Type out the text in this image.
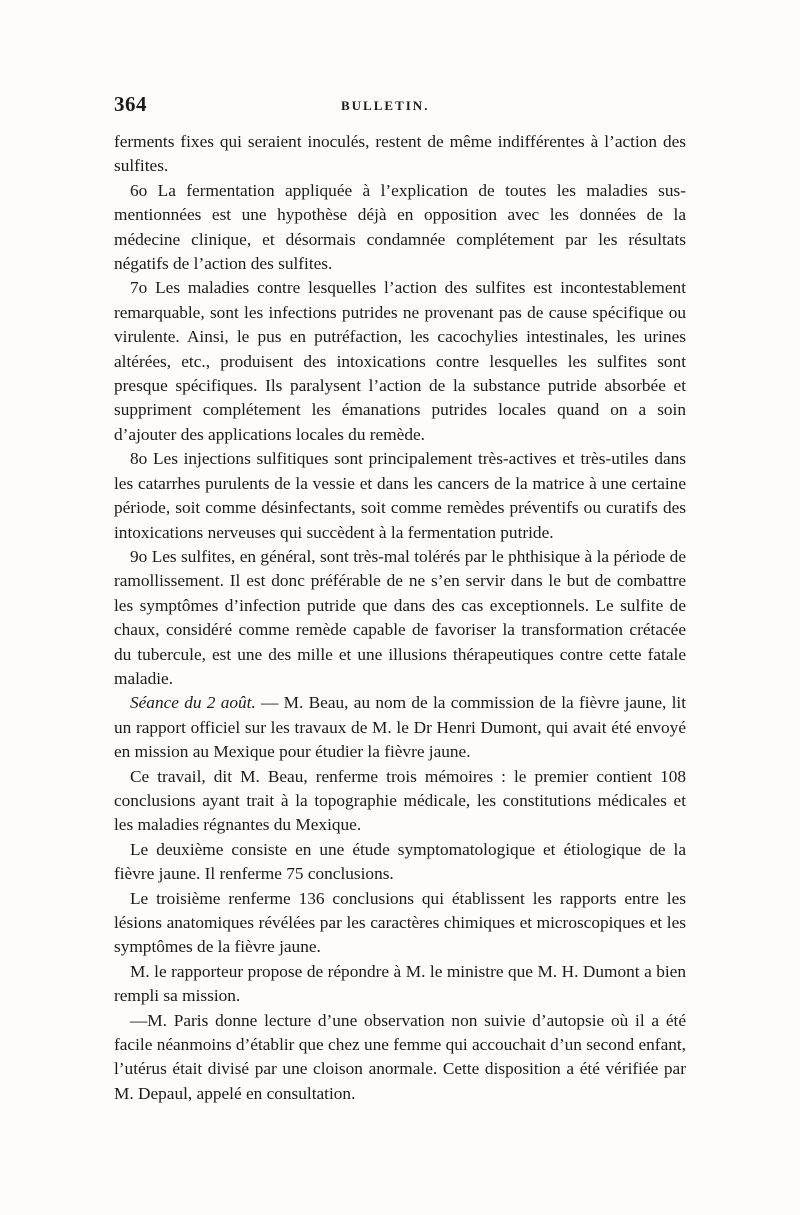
364	BULLETIN.

ferments fixes qui seraient inoculés, restent de même indifférentes à l’action des sulfites.

6o La fermentation appliquée à l’explication de toutes les maladies sus-mentionnées est une hypothèse déjà en opposition avec les données de la médecine clinique, et désormais condamnée complétement par les résultats négatifs de l’action des sulfites.

7o Les maladies contre lesquelles l’action des sulfites est incontestablement remarquable, sont les infections putrides ne provenant pas de cause spécifique ou virulente. Ainsi, le pus en putréfaction, les cacochylies intestinales, les urines altérées, etc., produisent des intoxications contre lesquelles les sulfites sont presque spécifiques. Ils paralysent l’action de la substance putride absorbée et suppriment complétement les émanations putrides locales quand on a soin d’ajouter des applications locales du remède.

8o Les injections sulfitiques sont principalement très-actives et très-utiles dans les catarrhes purulents de la vessie et dans les cancers de la matrice à une certaine période, soit comme désinfectants, soit comme remèdes préventifs ou curatifs des intoxications nerveuses qui succèdent à la fermentation putride.

9o Les sulfites, en général, sont très-mal tolérés par le phthisique à la période de ramollissement. Il est donc préférable de ne s’en servir dans le but de combattre les symptômes d’infection putride que dans des cas exceptionnels. Le sulfite de chaux, considéré comme remède capable de favoriser la transformation crétacée du tubercule, est une des mille et une illusions thérapeutiques contre cette fatale maladie.

Séance du 2 août. — M. Beau, au nom de la commission de la fièvre jaune, lit un rapport officiel sur les travaux de M. le Dr Henri Dumont, qui avait été envoyé en mission au Mexique pour étudier la fièvre jaune.

Ce travail, dit M. Beau, renferme trois mémoires : le premier contient 108 conclusions ayant trait à la topographie médicale, les constitutions médicales et les maladies régnantes du Mexique.

Le deuxième consiste en une étude symptomatologique et étiologique de la fièvre jaune. Il renferme 75 conclusions.

Le troisième renferme 136 conclusions qui établissent les rapports entre les lésions anatomiques révélées par les caractères chimiques et microscopiques et les symptômes de la fièvre jaune.

M. le rapporteur propose de répondre à M. le ministre que M. H. Dumont a bien rempli sa mission.

—M. Paris donne lecture d’une observation non suivie d’autopsie où il a été facile néanmoins d’établir que chez une femme qui accouchait d’un second enfant, l’utérus était divisé par une cloison anormale. Cette disposition a été vérifiée par M. Depaul, appelé en consultation.
